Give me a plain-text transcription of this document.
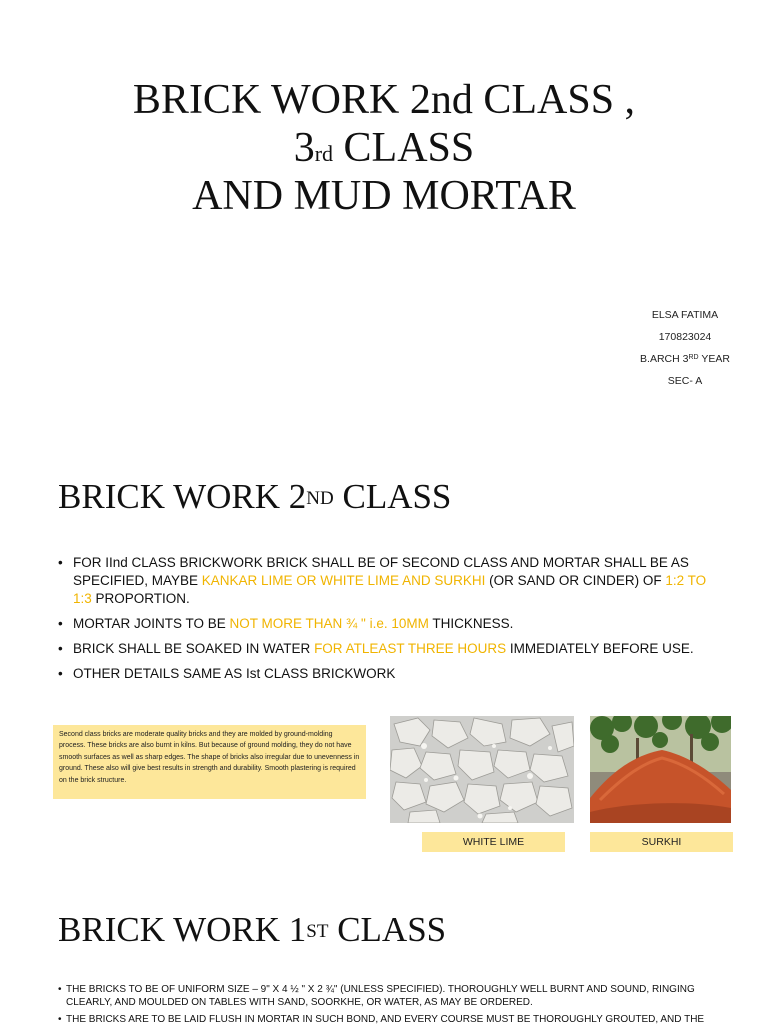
BRICK WORK 2nd CLASS ,
3rd CLASS
AND MUD MORTAR
ELSA FATIMA
170823024
B.ARCH 3RD YEAR
SEC- A
BRICK WORK 2ND CLASS
• FOR IInd CLASS BRICKWORK BRICK SHALL BE OF SECOND CLASS AND MORTAR SHALL BE AS SPECIFIED, MAYBE KANKAR LIME OR WHITE LIME AND SURKHI (OR SAND OR CINDER) OF 1:2 TO 1:3 PROPORTION.
• MORTAR JOINTS TO BE NOT MORE THAN ¾ " i.e. 10MM THICKNESS.
• BRICK SHALL BE SOAKED IN WATER FOR ATLEAST THREE HOURS IMMEDIATELY BEFORE USE.
• OTHER DETAILS SAME AS Ist CLASS BRICKWORK
Second class bricks are moderate quality bricks and they are molded by ground-molding process. These bricks are also burnt in kilns. But because of ground molding, they do not have smooth surfaces as well as sharp edges. The shape of bricks also irregular due to unevenness in ground. These also will give best results in strength and durability. Smooth plastering is required on the brick structure.
WHITE LIME	SURKHI
BRICK WORK 1ST CLASS
• THE BRICKS TO BE OF UNIFORM SIZE – 9" X 4 ½ " X 2 ¾" (UNLESS SPECIFIED). THOROUGHLY WELL BURNT AND SOUND, RINGING CLEARLY, AND MOULDED ON TABLES WITH SAND, SOORKHE, OR WATER, AS MAY BE ORDERED.
• THE BRICKS ARE TO BE LAID FLUSH IN MORTAR IN SUCH BOND, AND EVERY COURSE MUST BE THOROUGHLY GROUTED, AND THE
